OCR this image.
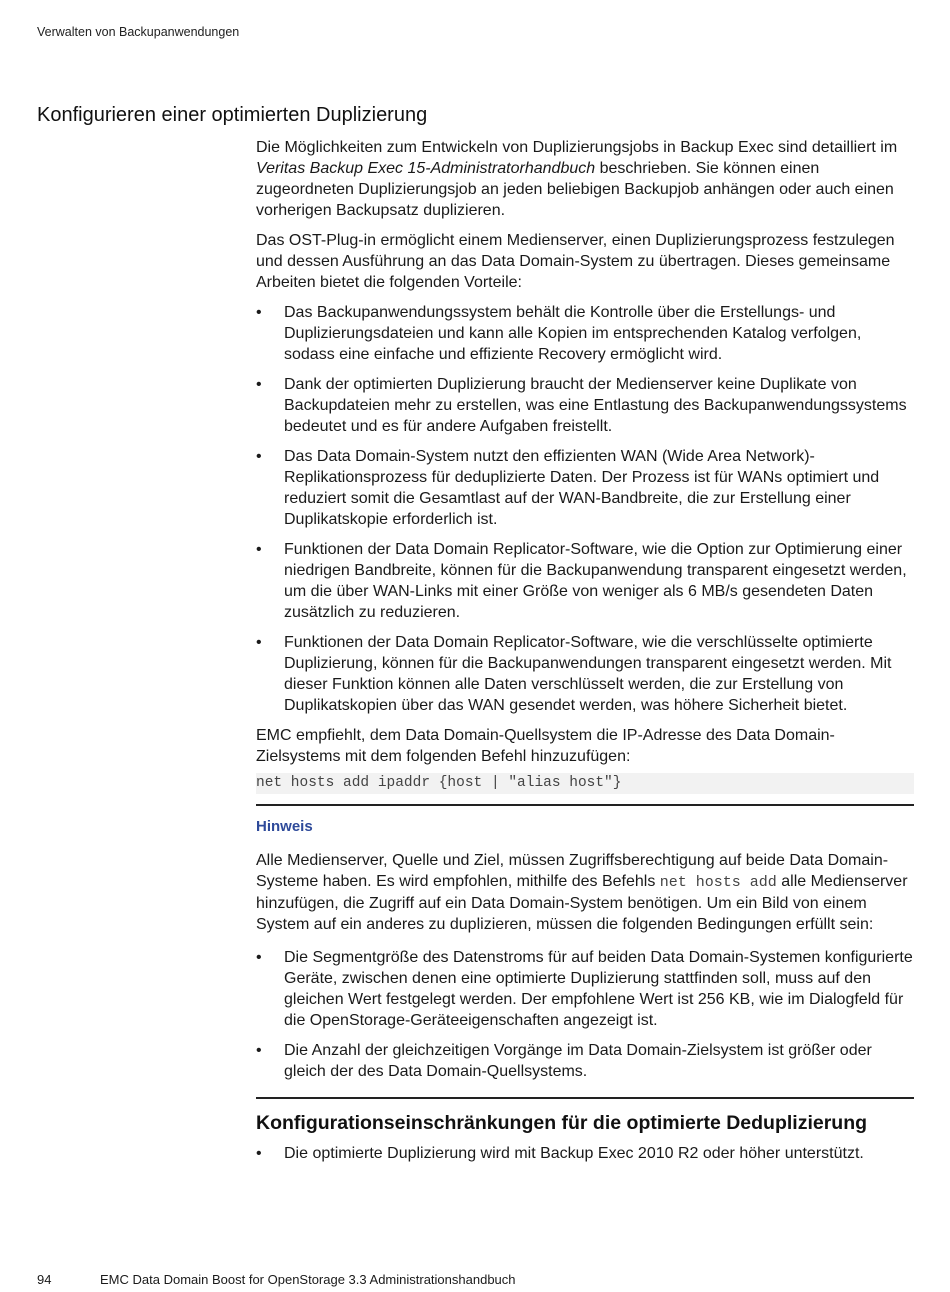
Verwalten von Backupanwendungen
Konfigurieren einer optimierten Duplizierung

Die Möglichkeiten zum Entwickeln von Duplizierungsjobs in Backup Exec sind detailliert im Veritas Backup Exec 15-Administratorhandbuch beschrieben. Sie können einen zugeordneten Duplizierungsjob an jeden beliebigen Backupjob anhängen oder auch einen vorherigen Backupsatz duplizieren.

Das OST-Plug-in ermöglicht einem Medienserver, einen Duplizierungsprozess festzulegen und dessen Ausführung an das Data Domain-System zu übertragen. Dieses gemeinsame Arbeiten bietet die folgenden Vorteile:

• Das Backupanwendungssystem behält die Kontrolle über die Erstellungs- und Duplizierungsdateien und kann alle Kopien im entsprechenden Katalog verfolgen, sodass eine einfache und effiziente Recovery ermöglicht wird.
• Dank der optimierten Duplizierung braucht der Medienserver keine Duplikate von Backupdateien mehr zu erstellen, was eine Entlastung des Backupanwendungssystems bedeutet und es für andere Aufgaben freistellt.
• Das Data Domain-System nutzt den effizienten WAN (Wide Area Network)-Replikationsprozess für deduplizierte Daten. Der Prozess ist für WANs optimiert und reduziert somit die Gesamtlast auf der WAN-Bandbreite, die zur Erstellung einer Duplikatskopie erforderlich ist.
• Funktionen der Data Domain Replicator-Software, wie die Option zur Optimierung einer niedrigen Bandbreite, können für die Backupanwendung transparent eingesetzt werden, um die über WAN-Links mit einer Größe von weniger als 6 MB/s gesendeten Daten zusätzlich zu reduzieren.
• Funktionen der Data Domain Replicator-Software, wie die verschlüsselte optimierte Duplizierung, können für die Backupanwendungen transparent eingesetzt werden. Mit dieser Funktion können alle Daten verschlüsselt werden, die zur Erstellung von Duplikatskopien über das WAN gesendet werden, was höhere Sicherheit bietet.

EMC empfiehlt, dem Data Domain-Quellsystem die IP-Adresse des Data Domain-Zielsystems mit dem folgenden Befehl hinzuzufügen:

net hosts add ipaddr {host | "alias host"}
Hinweis

Alle Medienserver, Quelle und Ziel, müssen Zugriffsberechtigung auf beide Data Domain-Systeme haben. Es wird empfohlen, mithilfe des Befehls net hosts add alle Medienserver hinzufügen, die Zugriff auf ein Data Domain-System benötigen. Um ein Bild von einem System auf ein anderes zu duplizieren, müssen die folgenden Bedingungen erfüllt sein:

• Die Segmentgröße des Datenstroms für auf beiden Data Domain-Systemen konfigurierte Geräte, zwischen denen eine optimierte Duplizierung stattfinden soll, muss auf den gleichen Wert festgelegt werden. Der empfohlene Wert ist 256 KB, wie im Dialogfeld für die OpenStorage-Geräteeigenschaften angezeigt ist.
• Die Anzahl der gleichzeitigen Vorgänge im Data Domain-Zielsystem ist größer oder gleich der des Data Domain-Quellsystems.
Konfigurationseinschränkungen für die optimierte Deduplizierung
• Die optimierte Duplizierung wird mit Backup Exec 2010 R2 oder höher unterstützt.
94	EMC Data Domain Boost for OpenStorage 3.3 Administrationshandbuch
